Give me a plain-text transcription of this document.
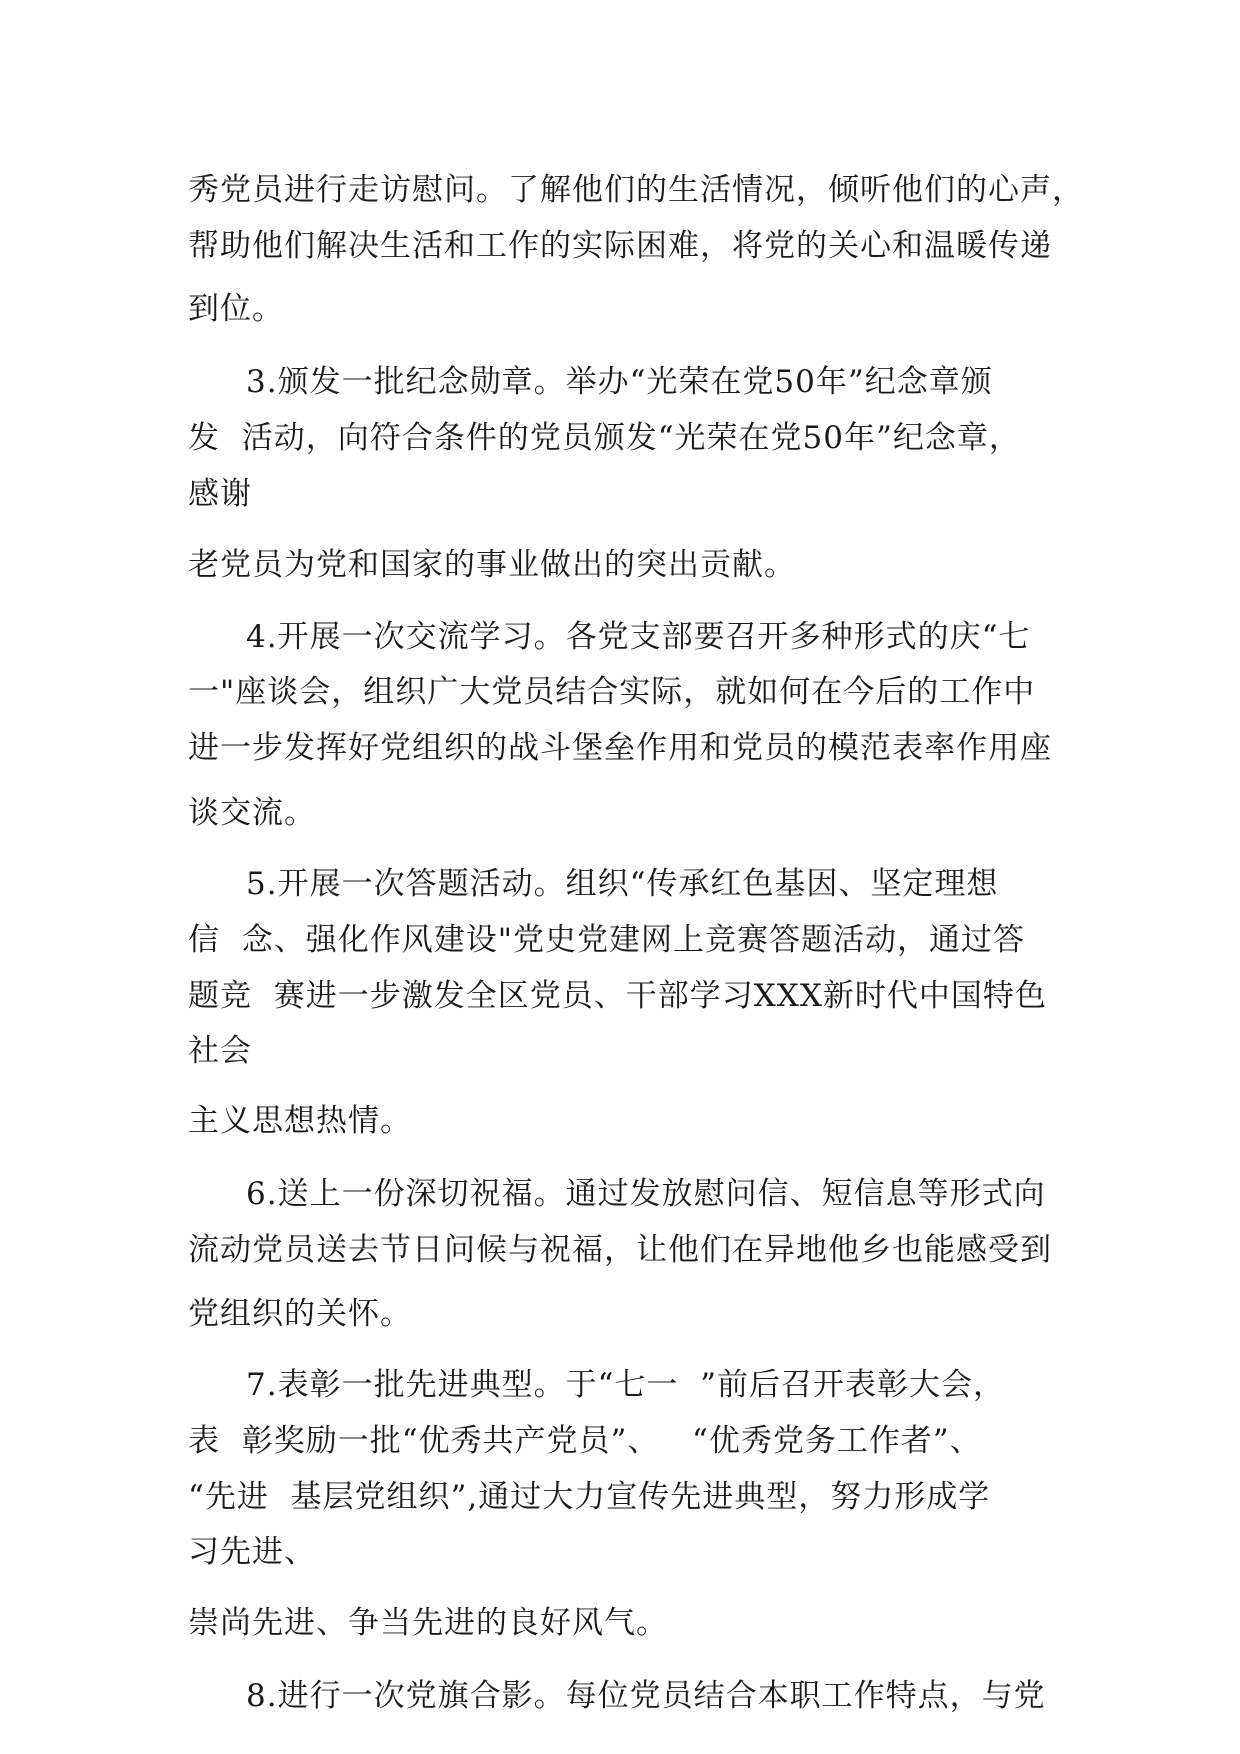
秀党员进行走访慰问。了解他们的生活情况，倾听他们的心声，
帮助他们解决生活和工作的实际困难，将党的关心和温暖传递
到位。
3.颁发一批纪念勋章。举办“光荣在党50年”纪念章颁
发  活动，向符合条件的党员颁发“光荣在党50年”纪念章，
感谢
老党员为党和国家的事业做出的突出贡献。
4.开展一次交流学习。各党支部要召开多种形式的庆“七
一"座谈会，组织广大党员结合实际，就如何在今后的工作中
进一步发挥好党组织的战斗堡垒作用和党员的模范表率作用座
谈交流。
5.开展一次答题活动。组织“传承红色基因、坚定理想
信  念、强化作风建设"党史党建网上竞赛答题活动，通过答
题竞  赛进一步激发全区党员、干部学习XXX新时代中国特色
社会
主义思想热情。
6.送上一份深切祝福。通过发放慰问信、短信息等形式向
流动党员送去节日问候与祝福，让他们在异地他乡也能感受到
党组织的关怀。
7.表彰一批先进典型。于“七一  ”前后召开表彰大会，
表  彰奖励一批“优秀共产党员”、   “优秀党务工作者”、
“先进  基层党组织”,通过大力宣传先进典型，努力形成学
习先进、
崇尚先进、争当先进的良好风气。
8.进行一次党旗合影。每位党员结合本职工作特点，与党
